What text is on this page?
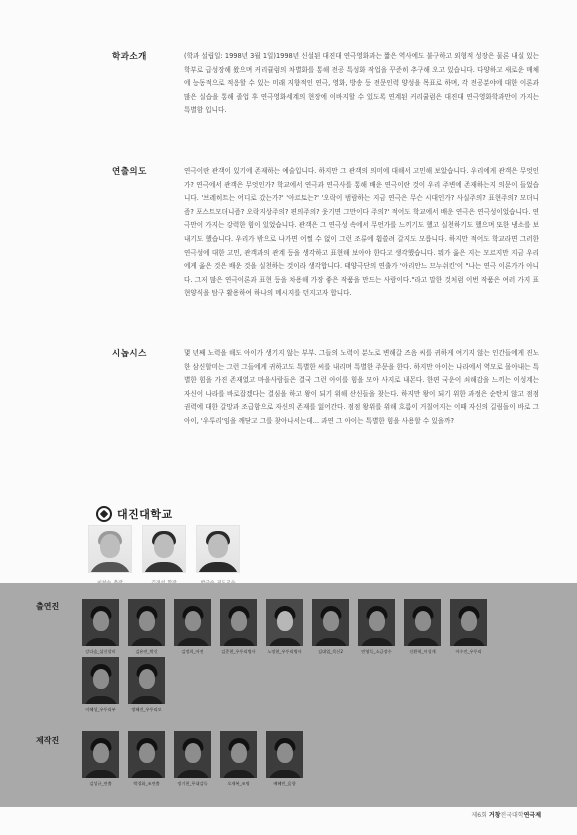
학과소개	(학과 설립일: 1998년 3월 1일)1998년 신설된 대진대 연극영화과는 짧은 역사에도 불구하고 외형적 성장은 물론 내실 있는 학부로 급성장해 왔으며 커리큘럼의 차별화를 통해 전공 특성화 작업을 꾸준히 추구해 오고 있습니다. 다양하고 새로운 매체에 능동적으로 적응할 수 있는 미래 지향적인 연극, 영화, 방송 등 전문인력 양성을 목표로 하며, 각 전공분야에 대한 이론과 많은 실습을 통해 졸업 후 연극영화세계의 현장에 이바지할 수 있도록 연계된 커리큘럼은 대진대 연극영화학과만이 가지는 특별함 입니다.

연출의도	연극이란 관객이 있기에 존재하는 예술입니다. 하지만 그 관객의 의미에 대해서 고민해 보았습니다. 우리에게 관객은 무엇인가? 연극에서 관객은 무엇인가? 학교에서 연극과 연극사를 통해 배운 연극이란 것이 우리 주변에 존재하는지 의문이 들었습니다. '브레히트는 어디로 갔는가?' '아르토는?' '오락이 범람하는 지금 연극은 무슨 시대인가? 사실주의? 표현주의? 모더니즘? 포스트모더니즘? 오락지상주의? 편의주의? 웃기면 그만이다 주의?' 적어도 학교에서 배운 연극은 연극성이었습니다. 연극만이 가지는 강력한 힘이 있었습니다. 관객은 그 연극성 속에서 무언가를 느끼기도 했고 실천하기도 했으며 또한 냉소를 보내기도 했습니다. 우리가 밖으로 나가면 어쩔 수 없이 그런 조류에 휩쓸려 갈지도 모릅니다. 하지만 적어도 학교라면 그러한 연극성에 대한 고민, 관객과의 관계 등을 생각하고 표현해 보아야 한다고 생각했습니다. 뭐가 옳은 지는 모르지만 지금 우리에게 옳은 것은 배운 것을 실천하는 것이라 생각합니다. 태양극단의 연출가 '아리안느 므누쉬킨'이 "나는 연극 이론가가 아니다. 그저 많은 연극이론과 표현 등을 차용해 가장 좋은 작품을 만드는 사람이다."라고 말한 것처럼 이번 작품은 여러 가지 표현양식을 탐구 활용하여 하나의 메시지를 던지고자 합니다.

시놉시스	몇 년째 노력을 해도 아이가 생기지 않는 부부. 그들의 노력이 분노로 변해갈 즈음 씨를 귀하게 여기지 않는 인간들에게 진노한 삼신할미는 그런 그들에게 귀하고도 특별한 씨를 내리며 특별한 주문을 한다. 하지만 아이는 나라에서 역모로 몰아내는 특별한 힘을 가진 존재였고 마을사람들은 결국 그런 아이를 힘을 모아 사지로 내몬다. 한편 국운이 쇠해감을 느끼는 이성계는 자신이 나라를 바로잡겠다는 결심을 하고 왕이 되기 위해 산신들을 찾는다. 하지만 왕이 되기 위한 과정은 순탄치 않고 점점 권력에 대한 갈망과 조급함으로 자신의 존재를 잃어간다. 점점 왕위를 위해 흐름이 거칠어지는 이때 자신의 길림돌이 바로 그 아이, '우투리'임을 깨닫고 그를 찾아나서는데... 과연 그 아이는 특별한 힘을 사용할 수 있을까?

대진대학교
출연진
강다솜_삼신할미	김유연_박신	김정희_아진	김준현_우투리병사	노정현_우투리병사	김대업_목신2	민영득_소금장수	신환혁_이성계	이수진_우투리
이혜성_우투리부	정혜진_우투리모
제작진
김성규_연출	박경화_조연출	정기현_무대감독	오재복_조명	배혜민_음향
제6회 거창전국대학연극제
